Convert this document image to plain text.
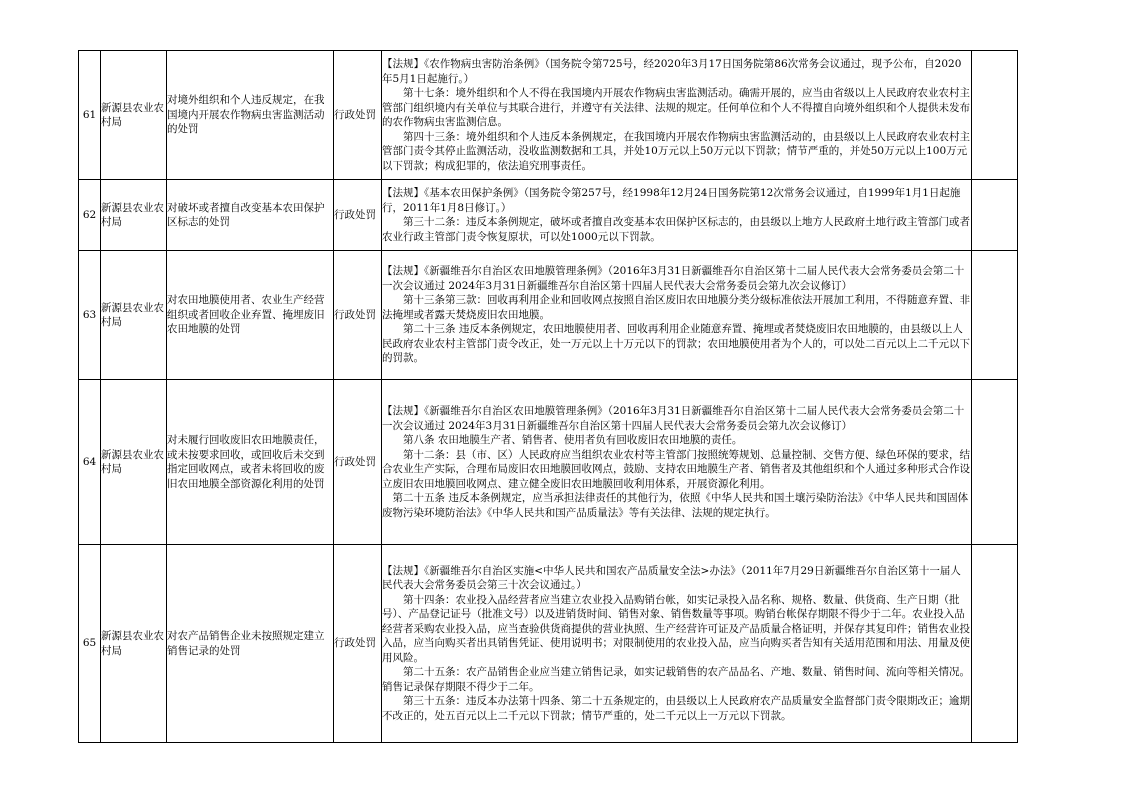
61	新源县农业农村局	对境外组织和个人违反规定，在我国境内开展农作物病虫害监测活动的处罚	行政处罚	【法规】《农作物病虫害防治条例》（国务院令第725号，经2020年3月17日国务院第86次常务会议通过，现予公布，自2020年5月1日起施行。）

第十七条：境外组织和个人不得在我国境内开展农作物病虫害监测活动。确需开展的，应当由省级以上人民政府农业农村主管部门组织境内有关单位与其联合进行，并遵守有关法律、法规的规定。任何单位和个人不得擅自向境外组织和个人提供未发布的农作物病虫害监测信息。

第四十三条：境外组织和个人违反本条例规定，在我国境内开展农作物病虫害监测活动的，由县级以上人民政府农业农村主管部门责令其停止监测活动，没收监测数据和工具，并处10万元以上50万元以下罚款；情节严重的，并处50万元以上100万元以下罚款；构成犯罪的，依法追究刑事责任。	

62	新源县农业农村局	对破坏或者擅自改变基本农田保护区标志的处罚	行政处罚	【法规】《基本农田保护条例》（国务院令第257号，经1998年12月24日国务院第12次常务会议通过，自1999年1月1日起施行，2011年1月8日修订。）

第三十二条：违反本条例规定，破坏或者擅自改变基本农田保护区标志的，由县级以上地方人民政府土地行政主管部门或者农业行政主管部门责令恢复原状，可以处1000元以下罚款。	

63	新源县农业农村局	对农田地膜使用者、农业生产经营组织或者回收企业弃置、掩埋废旧农田地膜的处罚	行政处罚	【法规】《新疆维吾尔自治区农田地膜管理条例》（2016年3月31日新疆维吾尔自治区第十二届人民代表大会常务委员会第二十一次会议通过 2024年3月31日新疆维吾尔自治区第十四届人民代表大会常务委员会第九次会议修订）

第十三条第三款：回收再利用企业和回收网点按照自治区废旧农田地膜分类分级标准依法开展加工利用，不得随意弃置、非法掩埋或者露天焚烧废旧农田地膜。

第二十三条 违反本条例规定，农田地膜使用者、回收再利用企业随意弃置、掩埋或者焚烧废旧农田地膜的，由县级以上人民政府农业农村主管部门责令改正，处一万元以上十万元以下的罚款；农田地膜使用者为个人的，可以处二百元以上二千元以下的罚款。	

64	新源县农业农村局	对未履行回收废旧农田地膜责任，或未按要求回收，或回收后未交到指定回收网点，或者未将回收的废旧农田地膜全部资源化利用的处罚	行政处罚	【法规】《新疆维吾尔自治区农田地膜管理条例》（2016年3月31日新疆维吾尔自治区第十二届人民代表大会常务委员会第二十一次会议通过 2024年3月31日新疆维吾尔自治区第十四届人民代表大会常务委员会第九次会议修订）

第八条 农田地膜生产者、销售者、使用者负有回收废旧农田地膜的责任。

第十二条：县（市、区）人民政府应当组织农业农村等主管部门按照统筹规划、总量控制、交售方便、绿色环保的要求，结合农业生产实际，合理布局废旧农田地膜回收网点，鼓励、支持农田地膜生产者、销售者及其他组织和个人通过多种形式合作设立废旧农田地膜回收网点、建立健全废旧农田地膜回收利用体系，开展资源化利用。

第二十五条 违反本条例规定，应当承担法律责任的其他行为，依照《中华人民共和国土壤污染防治法》《中华人民共和国固体废物污染环境防治法》《中华人民共和国产品质量法》等有关法律、法规的规定执行。	

65	新源县农业农村局	对农产品销售企业未按照规定建立销售记录的处罚	行政处罚	【法规】《新疆维吾尔自治区实施<中华人民共和国农产品质量安全法>办法》（2011年7月29日新疆维吾尔自治区第十一届人民代表大会常务委员会第三十次会议通过。）

第十四条：农业投入品经营者应当建立农业投入品购销台帐，如实记录投入品名称、规格、数量、供货商、生产日期（批号）、产品登记证号（批准文号）以及进销货时间、销售对象、销售数量等事项。购销台帐保存期限不得少于二年。农业投入品经营者采购农业投入品，应当查验供货商提供的营业执照、生产经营许可证及产品质量合格证明，并保存其复印件；销售农业投入品，应当向购买者出具销售凭证、使用说明书；对限制使用的农业投入品，应当向购买者告知有关适用范围和用法、用量及使用风险。

第二十五条：农产品销售企业应当建立销售记录，如实记载销售的农产品品名、产地、数量、销售时间、流向等相关情况。销售记录保存期限不得少于二年。

第三十五条：违反本办法第十四条、第二十五条规定的，由县级以上人民政府农产品质量安全监督部门责令限期改正；逾期不改正的，处五百元以上二千元以下罚款；情节严重的，处二千元以上一万元以下罚款。	
